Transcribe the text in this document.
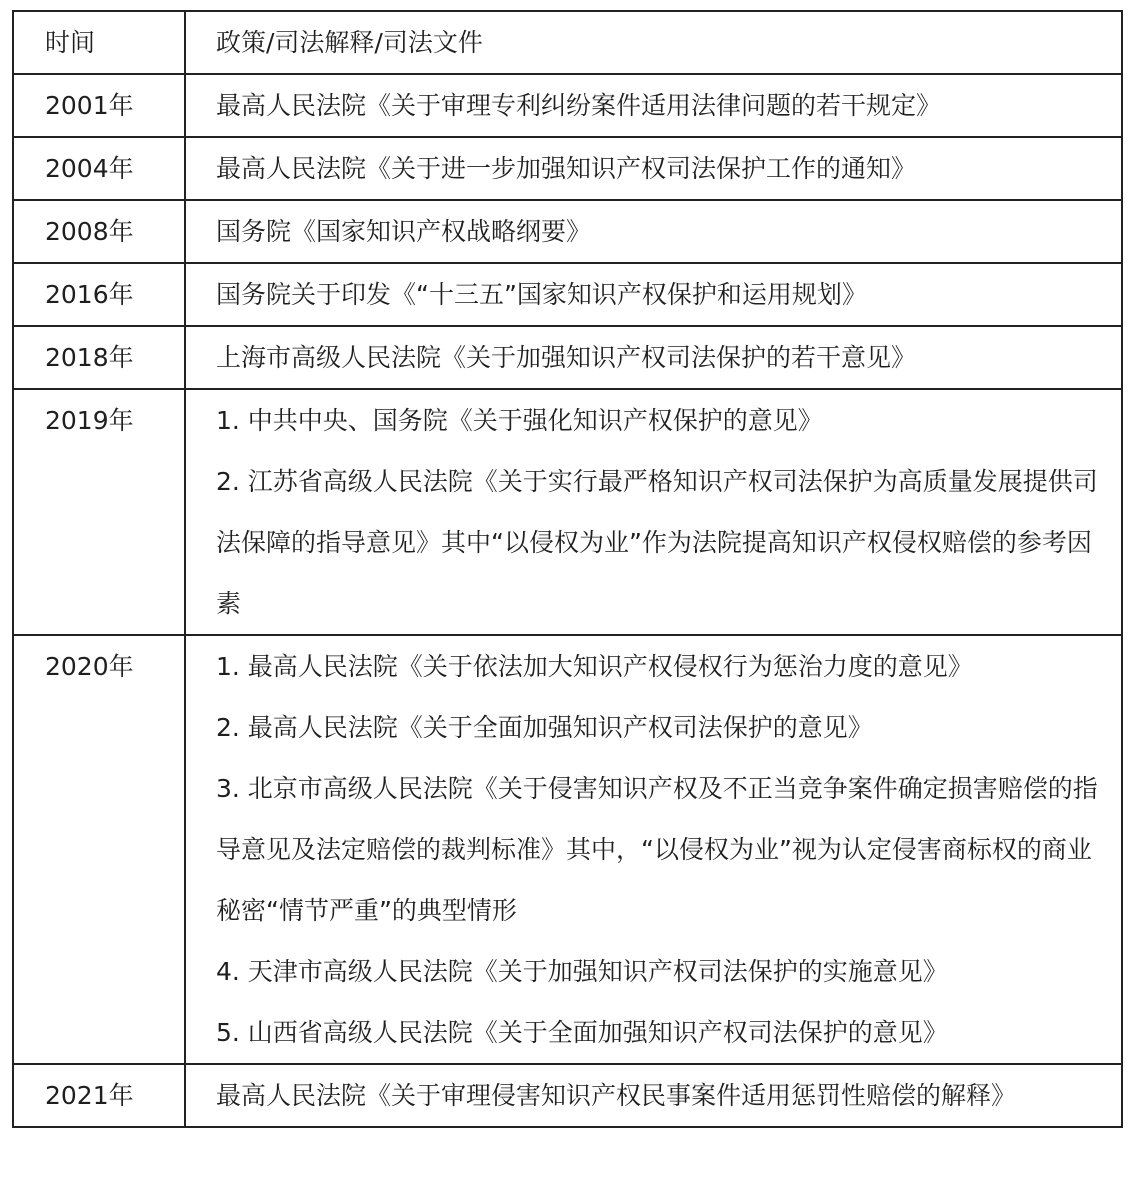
时间	政策/司法解释/司法文件
2001年	最高人民法院《关于审理专利纠纷案件适用法律问题的若干规定》

2004年	最高人民法院《关于进一步加强知识产权司法保护工作的通知》

2008年	国务院《国家知识产权战略纲要》

2016年	国务院关于印发《“十三五”国家知识产权保护和运用规划》

2018年	上海市高级人民法院《关于加强知识产权司法保护的若干意见》

2019年	1. 中共中央、国务院《关于强化知识产权保护的意见》
2. 江苏省高级人民法院《关于实行最严格知识产权司法保护为高质量发展提供司法保障的指导意见》其中“以侵权为业”作为法院提高知识产权侵权赔偿的参考因素

2020年	1. 最高人民法院《关于依法加大知识产权侵权行为惩治力度的意见》
2. 最高人民法院《关于全面加强知识产权司法保护的意见》
3. 北京市高级人民法院《关于侵害知识产权及不正当竞争案件确定损害赔偿的指导意见及法定赔偿的裁判标准》其中，“以侵权为业”视为认定侵害商标权的商业秘密“情节严重”的典型情形
4. 天津市高级人民法院《关于加强知识产权司法保护的实施意见》
5. 山西省高级人民法院《关于全面加强知识产权司法保护的意见》

2021年	最高人民法院《关于审理侵害知识产权民事案件适用惩罚性赔偿的解释》
